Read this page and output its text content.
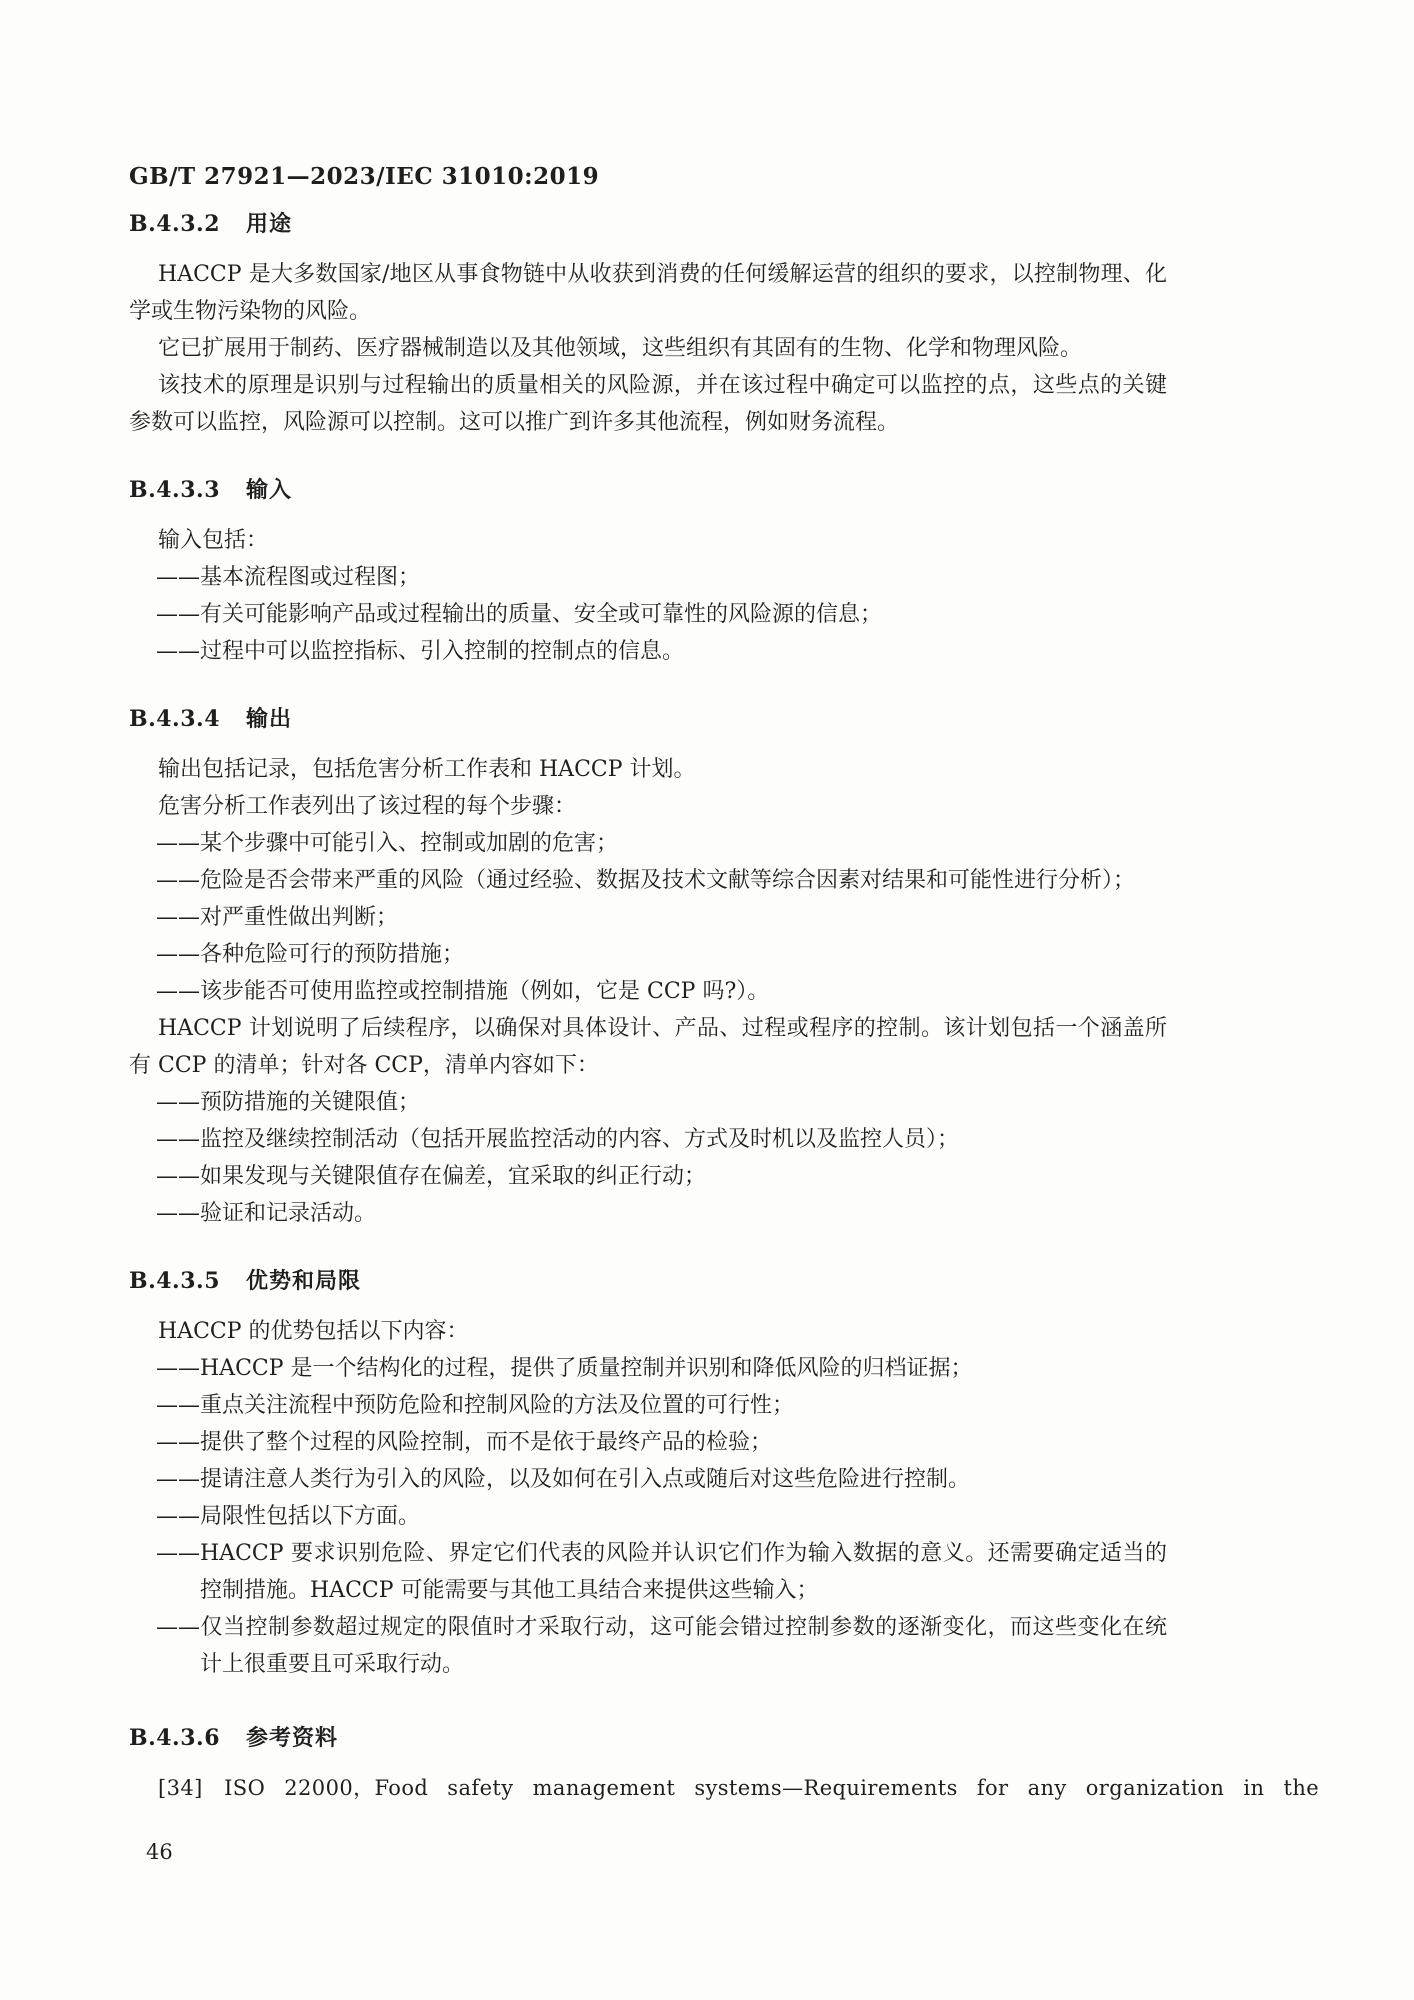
GB/T 27921—2023/IEC 31010:2019
B.4.3.2 用途

HACCP 是大多数国家/地区从事食物链中从收获到消费的任何缓解运营的组织的要求，以控制物理、化学或生物污染物的风险。

它已扩展用于制药、医疗器械制造以及其他领域，这些组织有其固有的生物、化学和物理风险。

该技术的原理是识别与过程输出的质量相关的风险源，并在该过程中确定可以监控的点，这些点的关键参数可以监控，风险源可以控制。这可以推广到许多其他流程，例如财务流程。

B.4.3.3 输入

输入包括：

——基本流程图或过程图；
——有关可能影响产品或过程输出的质量、安全或可靠性的风险源的信息；
——过程中可以监控指标、引入控制的控制点的信息。
B.4.3.4 输出

输出包括记录，包括危害分析工作表和 HACCP 计划。

危害分析工作表列出了该过程的每个步骤：

——某个步骤中可能引入、控制或加剧的危害；
——危险是否会带来严重的风险（通过经验、数据及技术文献等综合因素对结果和可能性进行分析）；
——对严重性做出判断；
——各种危险可行的预防措施；
——该步能否可使用监控或控制措施（例如，它是 CCP 吗?）。

HACCP 计划说明了后续程序，以确保对具体设计、产品、过程或程序的控制。该计划包括一个涵盖所有 CCP 的清单；针对各 CCP，清单内容如下：

——预防措施的关键限值；
——监控及继续控制活动（包括开展监控活动的内容、方式及时机以及监控人员）；
——如果发现与关键限值存在偏差，宜采取的纠正行动；
——验证和记录活动。
B.4.3.5 优势和局限

HACCP 的优势包括以下内容：

——HACCP 是一个结构化的过程，提供了质量控制并识别和降低风险的归档证据；
——重点关注流程中预防危险和控制风险的方法及位置的可行性；
——提供了整个过程的风险控制，而不是依于最终产品的检验；
——提请注意人类行为引入的风险，以及如何在引入点或随后对这些危险进行控制。
——局限性包括以下方面。
——HACCP 要求识别危险、界定它们代表的风险并认识它们作为输入数据的意义。还需要确定适当的控制措施。HACCP 可能需要与其他工具结合来提供这些输入；
——仅当控制参数超过规定的限值时才采取行动，这可能会错过控制参数的逐渐变化，而这些变化在统计上很重要且可采取行动。
B.4.3.6 参考资料

[34]　ISO 22000，Food safety management systems—Requirements for any organization in the

46
